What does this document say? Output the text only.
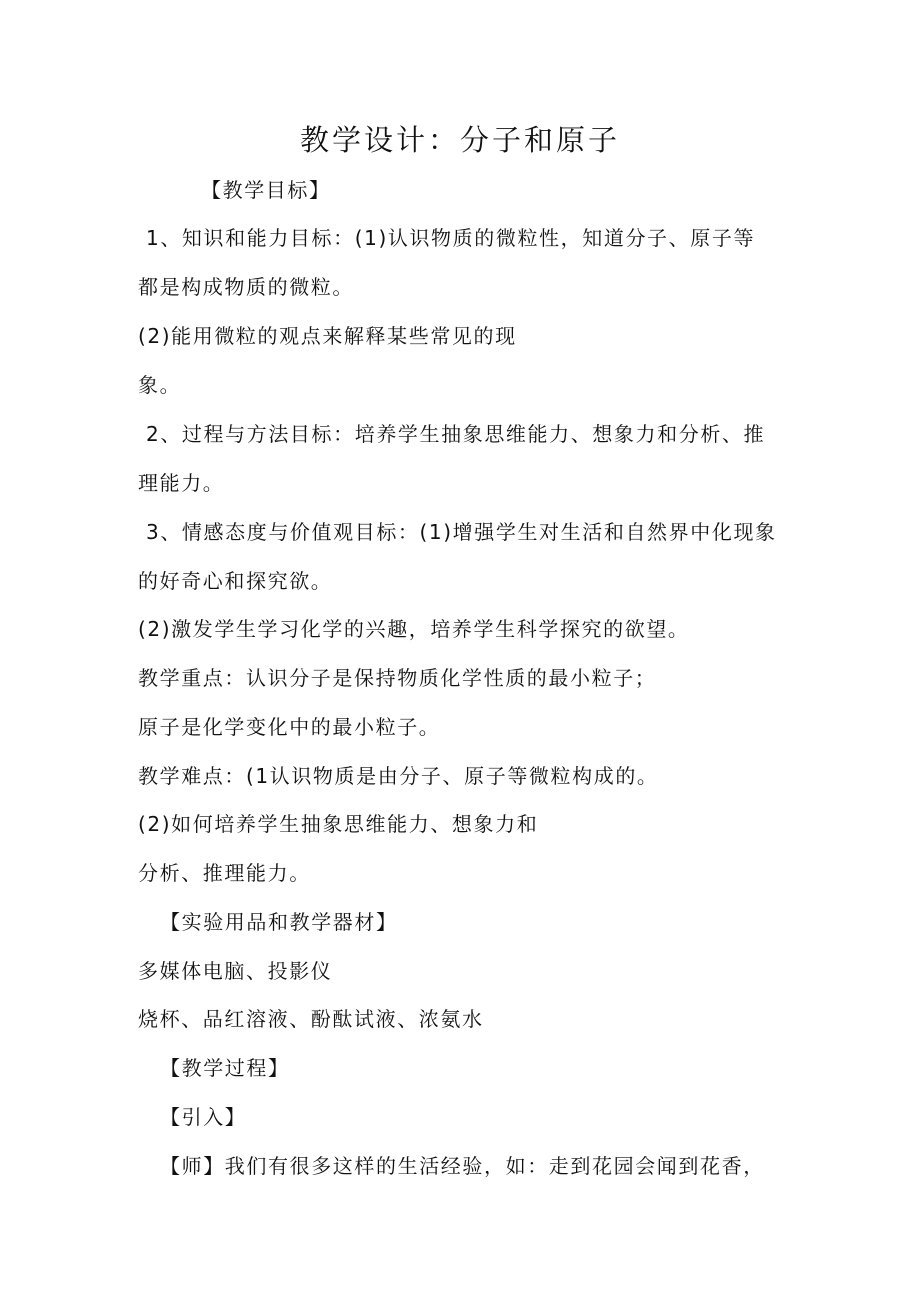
教学设计：分子和原子
【教学目标】
1、知识和能力目标：(1)认识物质的微粒性，知道分子、原子等
都是构成物质的微粒。
(2)能用微粒的观点来解释某些常见的现
象。
2、过程与方法目标：培养学生抽象思维能力、想象力和分析、推
理能力。
3、情感态度与价值观目标：(1)增强学生对生活和自然界中化现象
的好奇心和探究欲。
(2)激发学生学习化学的兴趣，培养学生科学探究的欲望。
教学重点：认识分子是保持物质化学性质的最小粒子；
原子是化学变化中的最小粒子。
教学难点：(1认识物质是由分子、原子等微粒构成的。
(2)如何培养学生抽象思维能力、想象力和
分析、推理能力。
【实验用品和教学器材】
多媒体电脑、投影仪
烧杯、品红溶液、酚酞试液、浓氨水
【教学过程】
【引入】
【师】我们有很多这样的生活经验，如：走到花园会闻到花香，
